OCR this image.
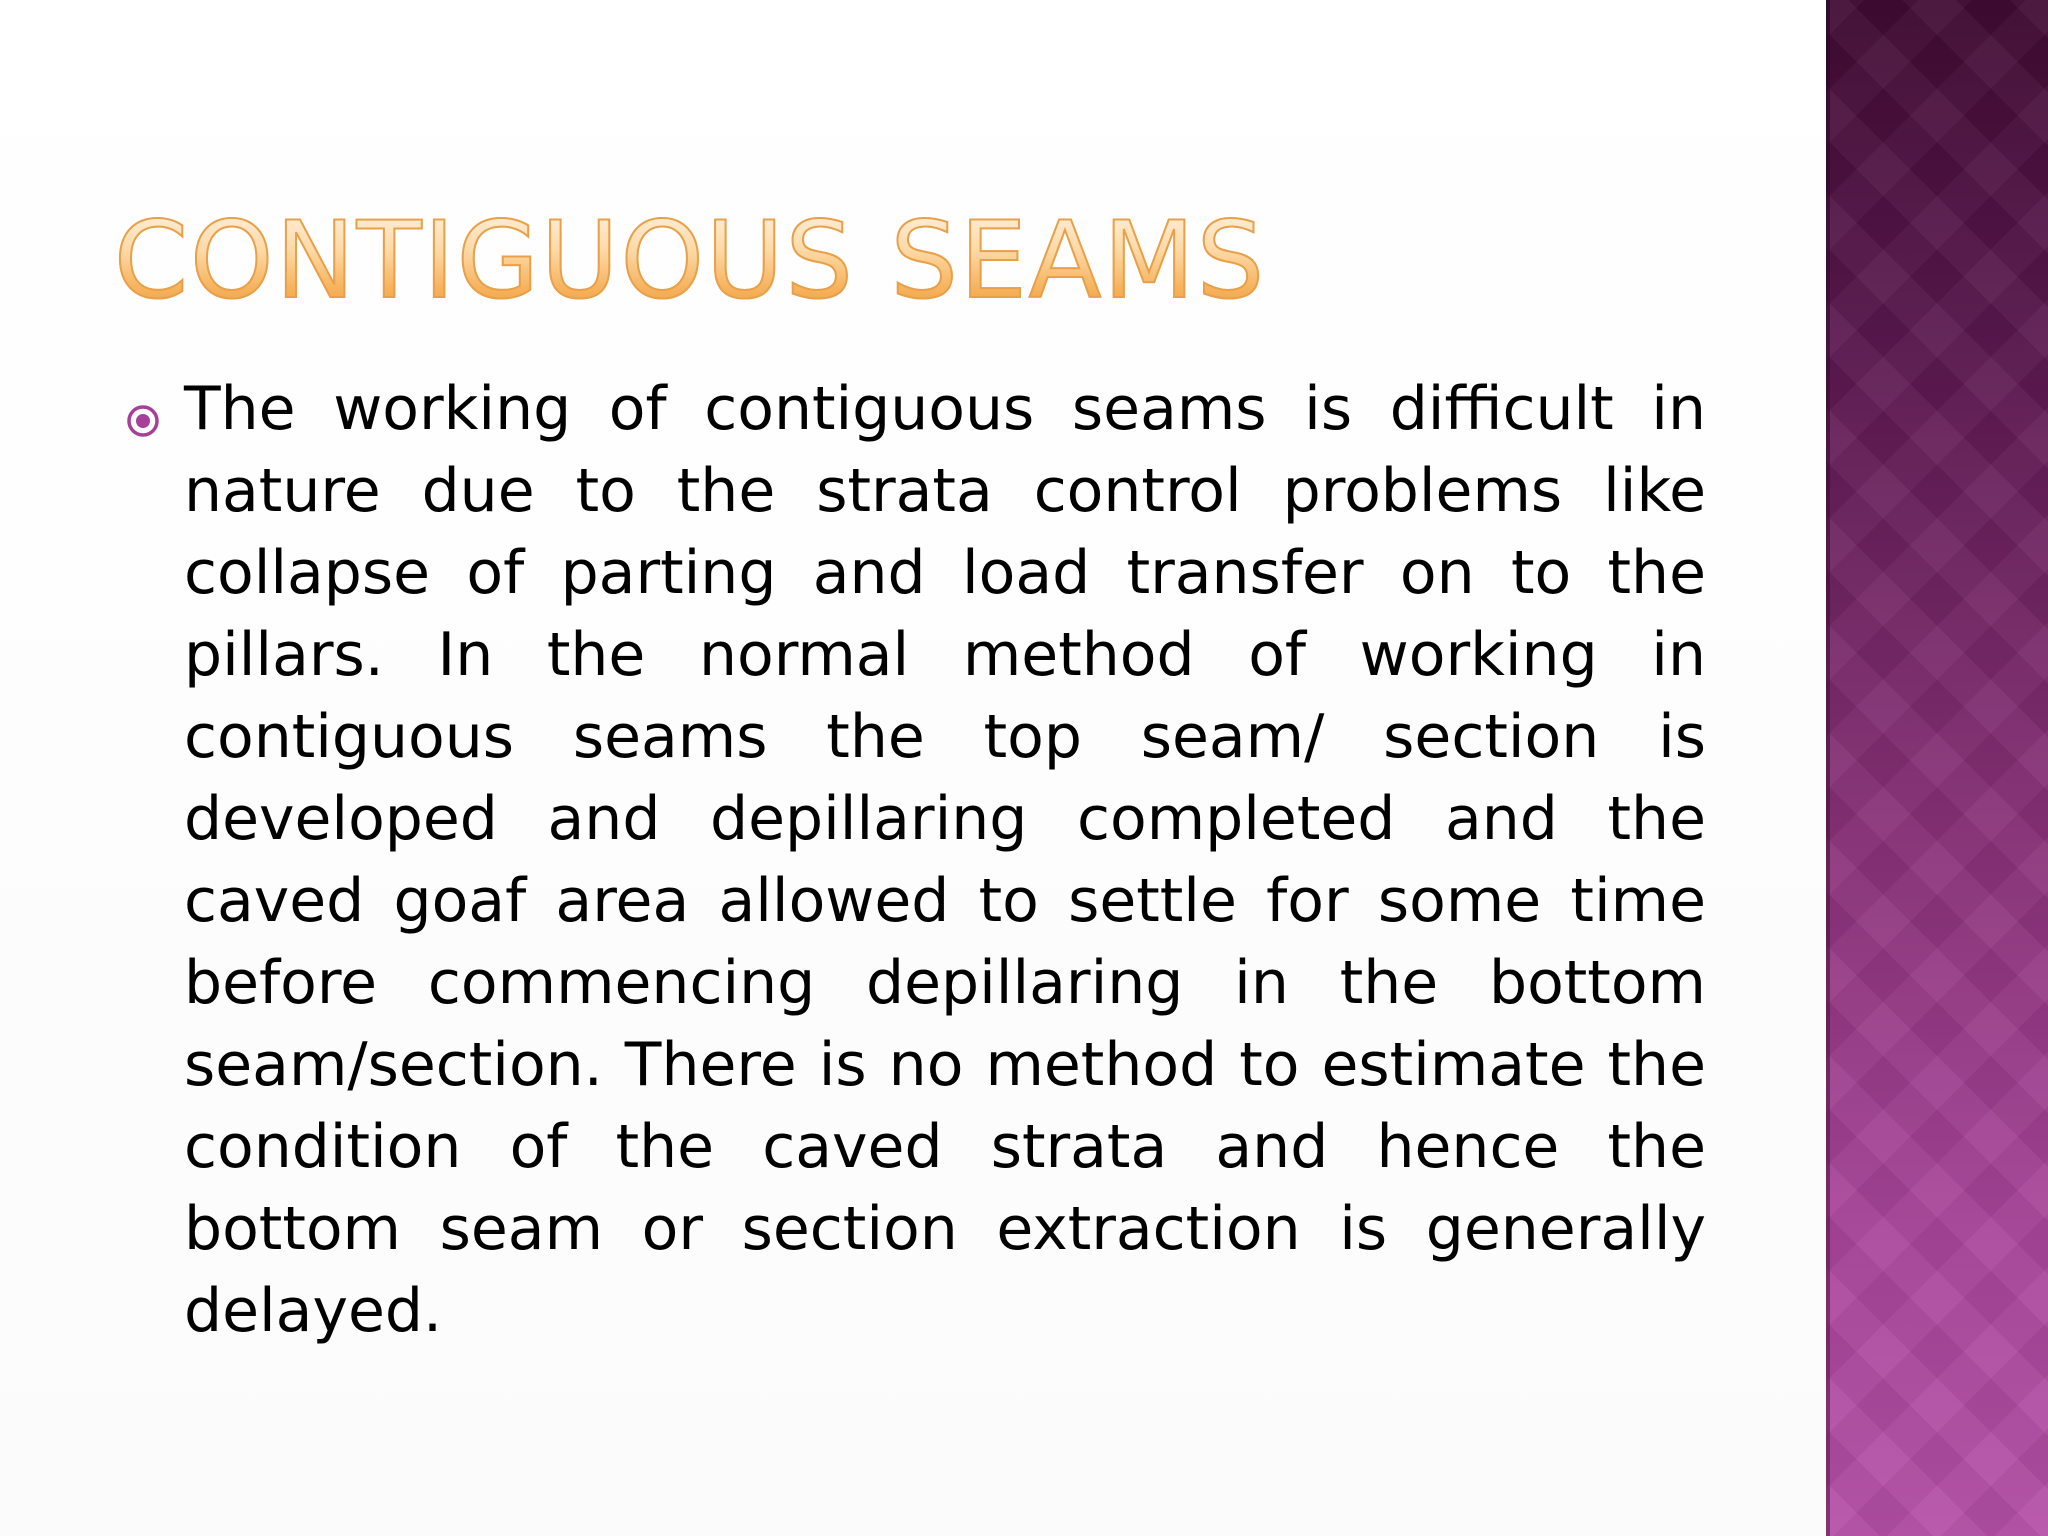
CONTIGUOUS SEAMS

The working of contiguous seams is difficult in nature due to the strata control problems like collapse of parting and load transfer on to the pillars. In the normal method of working in contiguous seams the top seam/ section is developed and depillaring completed and the caved goaf area allowed to settle for some time before commencing depillaring in the bottom seam/section. There is no method to estimate the condition of the caved strata and hence the bottom seam or section extraction is generally delayed.
